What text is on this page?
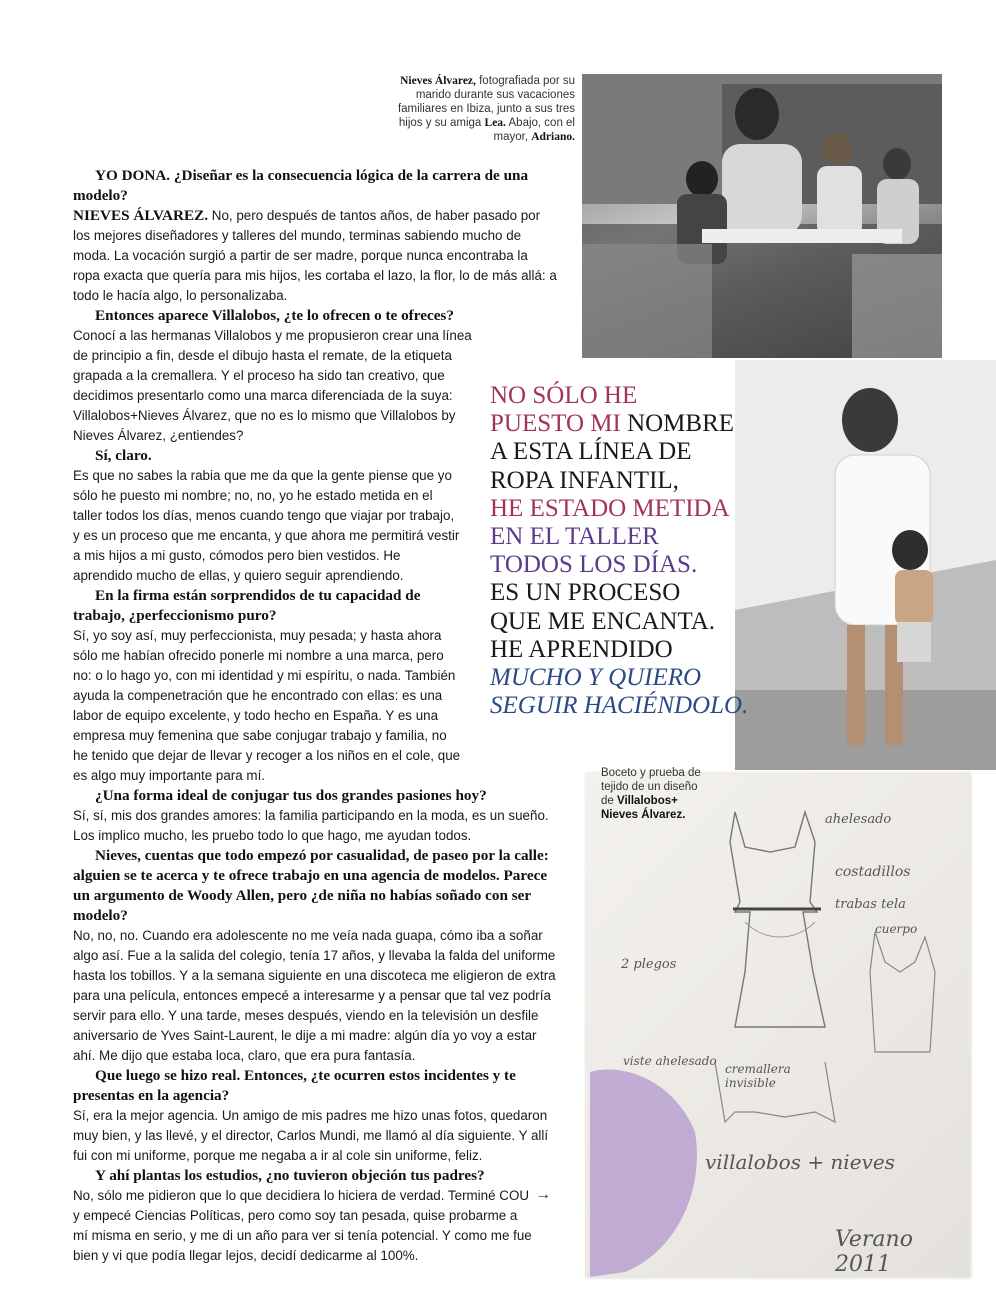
Nieves Álvarez, fotografiada por su marido durante sus vacaciones familiares en Ibiza, junto a sus tres hijos y su amiga Lea. Abajo, con el mayor, Adriano.

YO DONA. ¿Diseñar es la consecuencia lógica de la carrera de una modelo?

NIEVES ÁLVAREZ. No, pero después de tantos años, de haber pasado por los mejores diseñadores y talleres del mundo, terminas sabiendo mucho de moda. La vocación surgió a partir de ser madre, porque nunca encontraba la ropa exacta que quería para mis hijos, les cortaba el lazo, la flor, lo de más allá: a todo le hacía algo, lo personalizaba.

Entonces aparece Villalobos, ¿te lo ofrecen o te ofreces?

Conocí a las hermanas Villalobos y me propusieron crear una línea de principio a fin, desde el dibujo hasta el remate, de la etiqueta grapada a la cremallera. Y el proceso ha sido tan creativo, que decidimos presentarlo como una marca diferenciada de la suya: Villalobos+Nieves Álvarez, que no es lo mismo que Villalobos by Nieves Álvarez, ¿entiendes?

Sí, claro.

Es que no sabes la rabia que me da que la gente piense que yo sólo he puesto mi nombre; no, no, yo he estado metida en el taller todos los días, menos cuando tengo que viajar por trabajo, y es un proceso que me encanta, y que ahora me permitirá vestir a mis hijos a mi gusto, cómodos pero bien vestidos. He aprendido mucho de ellas, y quiero seguir aprendiendo.

En la firma están sorprendidos de tu capacidad de trabajo, ¿perfeccionismo puro?

Sí, yo soy así, muy perfeccionista, muy pesada; y hasta ahora sólo me habían ofrecido ponerle mi nombre a una marca, pero no: o lo hago yo, con mi identidad y mi espíritu, o nada. También ayuda la compenetración que he encontrado con ellas: es una labor de equipo excelente, y todo hecho en España. Y es una empresa muy femenina que sabe conjugar trabajo y familia, no he tenido que dejar de llevar y recoger a los niños en el cole, que es algo muy importante para mí.

¿Una forma ideal de conjugar tus dos grandes pasiones hoy?

Sí, sí, mis dos grandes amores: la familia participando en la moda, es un sueño. Los implico mucho, les pruebo todo lo que hago, me ayudan todos.

Nieves, cuentas que todo empezó por casualidad, de paseo por la calle: alguien se te acerca y te ofrece trabajo en una agencia de modelos. Parece un argumento de Woody Allen, pero ¿de niña no habías soñado con ser modelo?

No, no, no. Cuando era adolescente no me veía nada guapa, cómo iba a soñar algo así. Fue a la salida del colegio, tenía 17 años, y llevaba la falda del uniforme hasta los tobillos. Y a la semana siguiente en una discoteca me eligieron de extra para una película, entonces empecé a interesarme y a pensar que tal vez podría servir para ello. Y una tarde, meses después, viendo en la televisión un desfile aniversario de Yves Saint-Laurent, le dije a mi madre: algún día yo voy a estar ahí. Me dijo que estaba loca, claro, que era pura fantasía.

Que luego se hizo real. Entonces, ¿te ocurren estos incidentes y te presentas en la agencia?

Sí, era la mejor agencia. Un amigo de mis padres me hizo unas fotos, quedaron muy bien, y las llevé, y el director, Carlos Mundi, me llamó al día siguiente. Y allí fui con mi uniforme, porque me negaba a ir al cole sin uniforme, feliz.

Y ahí plantas los estudios, ¿no tuvieron objeción tus padres?

No, sólo me pidieron que lo que decidiera lo hiciera de verdad. Terminé COU y empecé Ciencias Políticas, pero como soy tan pesada, quise probarme a mí misma en serio, y me di un año para ver si tenía potencial. Y como me fue bien y vi que podía llegar lejos, decidí dedicarme al 100%.

→
NO SÓLO HE
PUESTO MI NOMBRE
A ESTA LÍNEA DE
ROPA INFANTIL,
HE ESTADO METIDA
EN EL TALLER
TODOS LOS DÍAS.
ES UN PROCESO
QUE ME ENCANTA.
HE APRENDIDO
MUCHO Y QUIERO
SEGUIR HACIÉNDOLO.
ahelesado
costadillos
trabas tela
cuerpo
2 plegos
viste ahelesado
cremallera invisible
villalobos + nieves
Verano 2011
Boceto y prueba de tejido de un diseño de Villalobos+ Nieves Álvarez.
